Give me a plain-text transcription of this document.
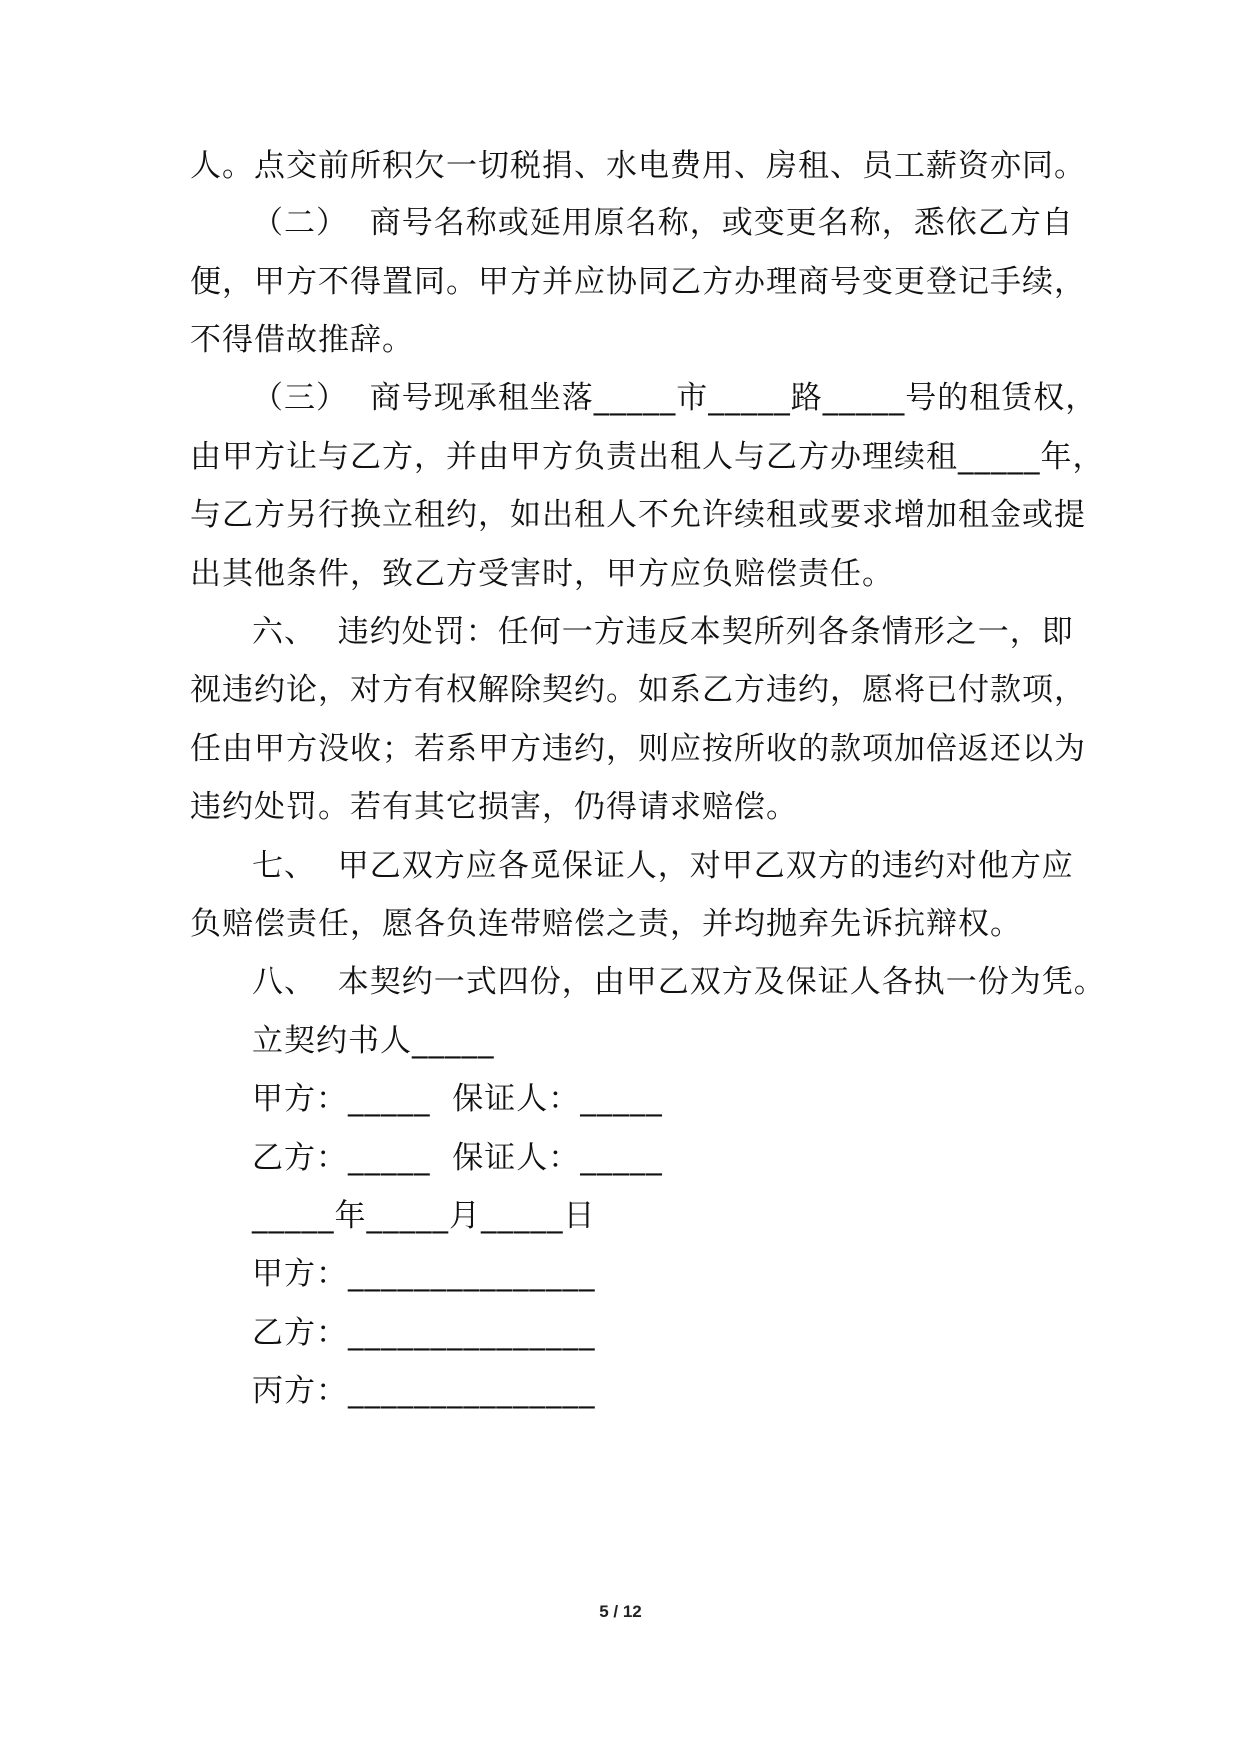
人。点交前所积欠一切税捐、水电费用、房租、员工薪资亦同。
（二）  商号名称或延用原名称，或变更名称，悉依乙方自
便，甲方不得置同。甲方并应协同乙方办理商号变更登记手续，
不得借故推辞。
（三）  商号现承租坐落_____市_____路_____号的租赁权，
由甲方让与乙方，并由甲方负责出租人与乙方办理续租_____年，
与乙方另行换立租约，如出租人不允许续租或要求增加租金或提
出其他条件，致乙方受害时，甲方应负赔偿责任。
六、  违约处罚：任何一方违反本契所列各条情形之一，即
视违约论，对方有权解除契约。如系乙方违约，愿将已付款项，
任由甲方没收；若系甲方违约，则应按所收的款项加倍返还以为
违约处罚。若有其它损害，仍得请求赔偿。
七、  甲乙双方应各觅保证人，对甲乙双方的违约对他方应
负赔偿责任，愿各负连带赔偿之责，并均抛弃先诉抗辩权。
八、  本契约一式四份，由甲乙双方及保证人各执一份为凭。
立契约书人_____
甲方：_____  保证人：_____
乙方：_____  保证人：_____
_____年_____月_____日
甲方：_______________
乙方：_______________
丙方：_______________
5 / 12
